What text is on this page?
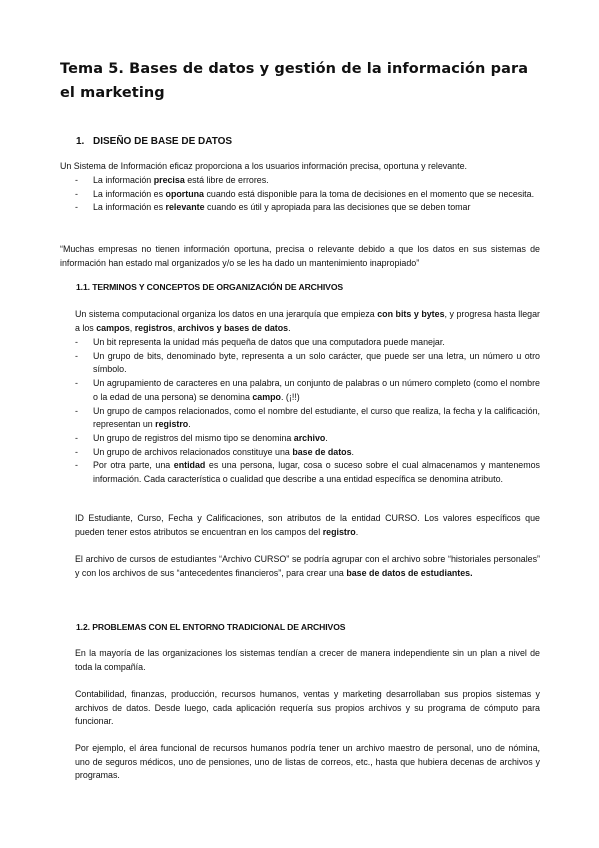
Tema 5. Bases de datos y gestión de la información para el marketing
1. DISEÑO DE BASE DE DATOS
Un Sistema de Información eficaz proporciona a los usuarios información precisa, oportuna y relevante.
- La información precisa está libre de errores.
- La información es oportuna cuando está disponible para la toma de decisiones en el momento que se necesita.
- La información es relevante cuando es útil y apropiada para las decisiones que se deben tomar
“Muchas empresas no tienen información oportuna, precisa o relevante debido a que los datos en sus sistemas de información han estado mal organizados y/o se les ha dado un mantenimiento inapropiado”
1.1. TERMINOS Y CONCEPTOS DE ORGANIZACIÓN DE ARCHIVOS
Un sistema computacional organiza los datos en una jerarquía que empieza con bits y bytes, y progresa hasta llegar a los campos, registros, archivos y bases de datos.
- Un bit representa la unidad más pequeña de datos que una computadora puede manejar.
- Un grupo de bits, denominado byte, representa a un solo carácter, que puede ser una letra, un número u otro símbolo.
- Un agrupamiento de caracteres en una palabra, un conjunto de palabras o un número completo (como el nombre o la edad de una persona) se denomina campo. (¡!!)
- Un grupo de campos relacionados, como el nombre del estudiante, el curso que realiza, la fecha y la calificación, representan un registro.
- Un grupo de registros del mismo tipo se denomina archivo.
- Un grupo de archivos relacionados constituye una base de datos.
- Por otra parte, una entidad es una persona, lugar, cosa o suceso sobre el cual almacenamos y mantenemos información. Cada característica o cualidad que describe a una entidad específica se denomina atributo.
ID Estudiante, Curso, Fecha y Calificaciones, son atributos de la entidad CURSO. Los valores específicos que pueden tener estos atributos se encuentran en los campos del registro.
El archivo de cursos de estudiantes “Archivo CURSO” se podría agrupar con el archivo sobre “historiales personales” y con los archivos de sus “antecedentes financieros”, para crear una base de datos de estudiantes.
1.2. PROBLEMAS CON EL ENTORNO TRADICIONAL DE ARCHIVOS
En la mayoría de las organizaciones los sistemas tendían a crecer de manera independiente sin un plan a nivel de toda la compañía.
Contabilidad, finanzas, producción, recursos humanos, ventas y marketing desarrollaban sus propios sistemas y archivos de datos. Desde luego, cada aplicación requería sus propios archivos y su programa de cómputo para funcionar.
Por ejemplo, el área funcional de recursos humanos podría tener un archivo maestro de personal, uno de nómina, uno de seguros médicos, uno de pensiones, uno de listas de correos, etc., hasta que hubiera decenas de archivos y programas.
